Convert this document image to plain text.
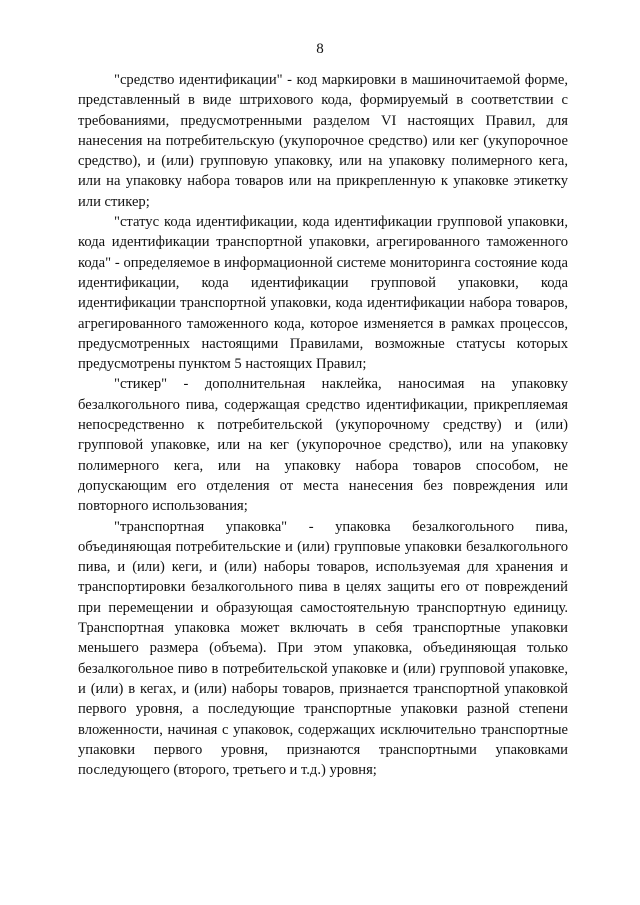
8

"средство идентификации" - код маркировки в машиночитаемой форме, представленный в виде штрихового кода, формируемый в соответствии с требованиями, предусмотренными разделом VI настоящих Правил, для нанесения на потребительскую (укупорочное средство) или кег (укупорочное средство), и (или) групповую упаковку, или на упаковку полимерного кега, или на упаковку набора товаров или на прикрепленную к упаковке этикетку или стикер;

"статус кода идентификации, кода идентификации групповой упаковки, кода идентификации транспортной упаковки, агрегированного таможенного кода" - определяемое в информационной системе мониторинга состояние кода идентификации, кода идентификации групповой упаковки, кода идентификации транспортной упаковки, кода идентификации набора товаров, агрегированного таможенного кода, которое изменяется в рамках процессов, предусмотренных настоящими Правилами, возможные статусы которых предусмотрены пунктом 5 настоящих Правил;

"стикер" - дополнительная наклейка, наносимая на упаковку безалкогольного пива, содержащая средство идентификации, прикрепляемая непосредственно к потребительской (укупорочному средству) и (или) групповой упаковке, или на кег (укупорочное средство), или на упаковку полимерного кега, или на упаковку набора товаров способом, не допускающим его отделения от места нанесения без повреждения или повторного использования;

"транспортная упаковка" - упаковка безалкогольного пива, объединяющая потребительские и (или) групповые упаковки безалкогольного пива, и (или) кеги, и (или) наборы товаров, используемая для хранения и транспортировки безалкогольного пива в целях защиты его от повреждений при перемещении и образующая самостоятельную транспортную единицу. Транспортная упаковка может включать в себя транспортные упаковки меньшего размера (объема). При этом упаковка, объединяющая только безалкогольное пиво в потребительской упаковке и (или) групповой упаковке, и (или) в кегах, и (или) наборы товаров, признается транспортной упаковкой первого уровня, а последующие транспортные упаковки разной степени вложенности, начиная с упаковок, содержащих исключительно транспортные упаковки первого уровня, признаются транспортными упаковками последующего (второго, третьего и т.д.) уровня;
